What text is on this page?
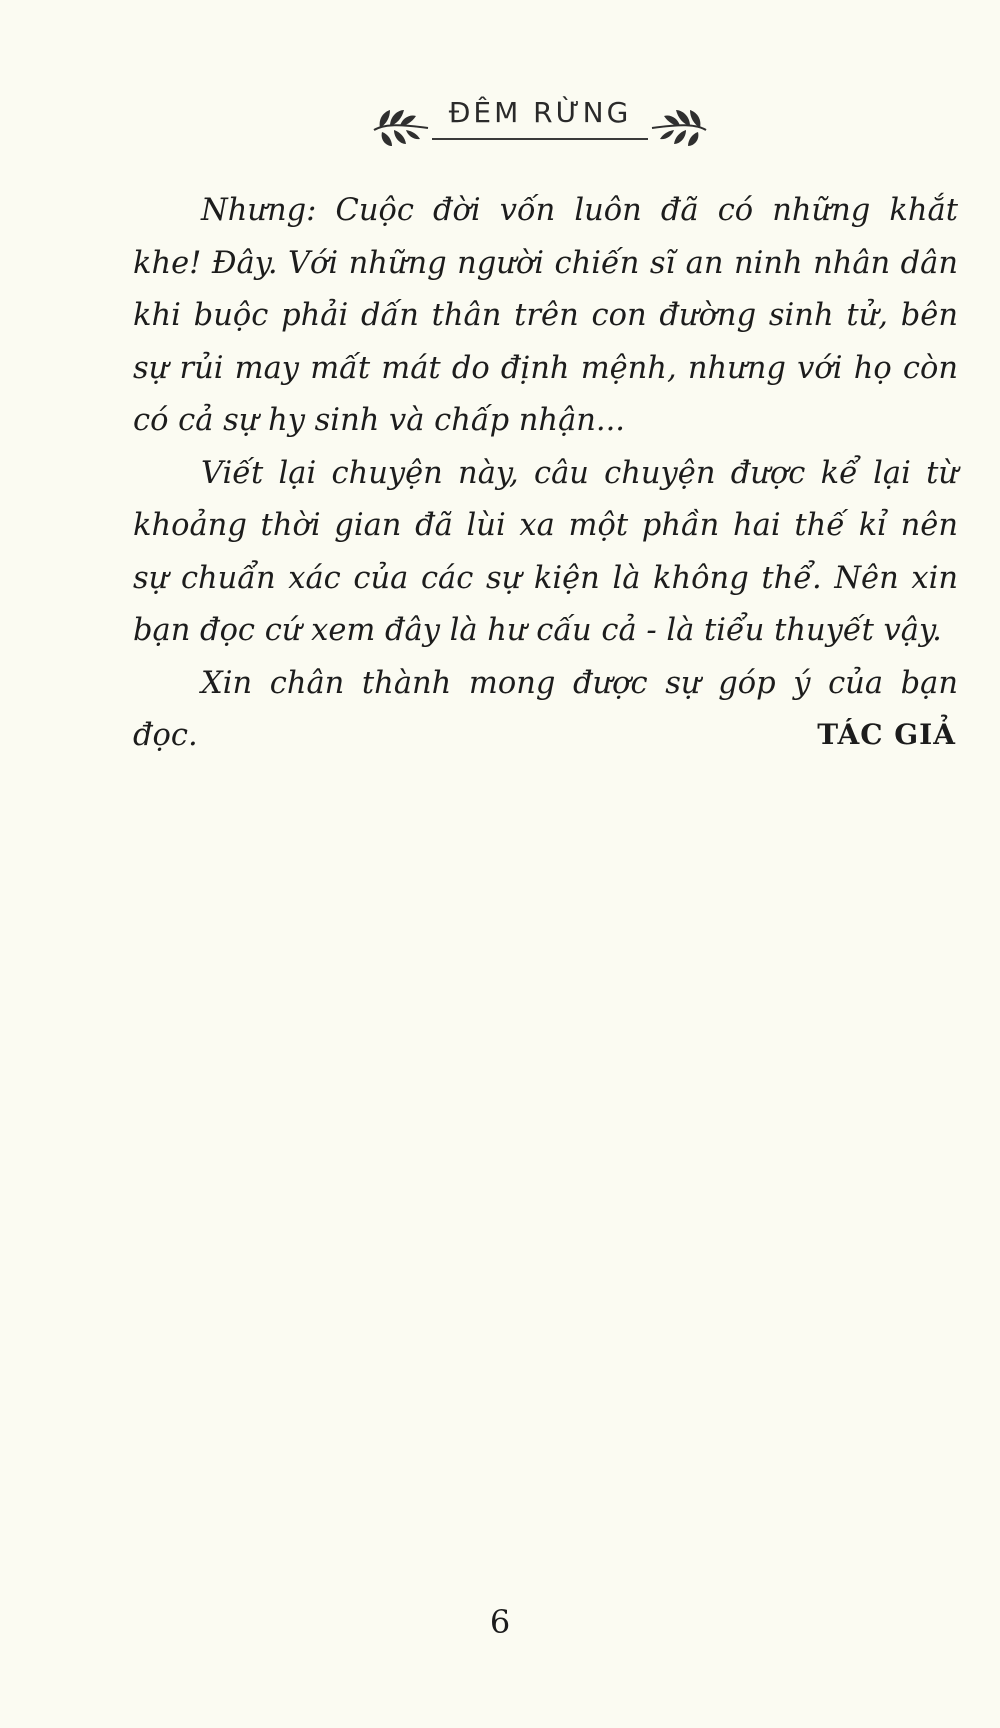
ĐÊM RỪNG

Nhưng: Cuộc đời vốn luôn đã có những khắt khe! Đây. Với những người chiến sĩ an ninh nhân dân khi buộc phải dấn thân trên con đường sinh tử, bên sự rủi may mất mát do định mệnh, nhưng với họ còn có cả sự hy sinh và chấp nhận...

Viết lại chuyện này, câu chuyện được kể lại từ khoảng thời gian đã lùi xa một phần hai thế kỉ nên sự chuẩn xác của các sự kiện là không thể. Nên xin bạn đọc cứ xem đây là hư cấu cả - là tiểu thuyết vậy.

Xin chân thành mong được sự góp ý của bạn đọc.	TÁC GIẢ
6
